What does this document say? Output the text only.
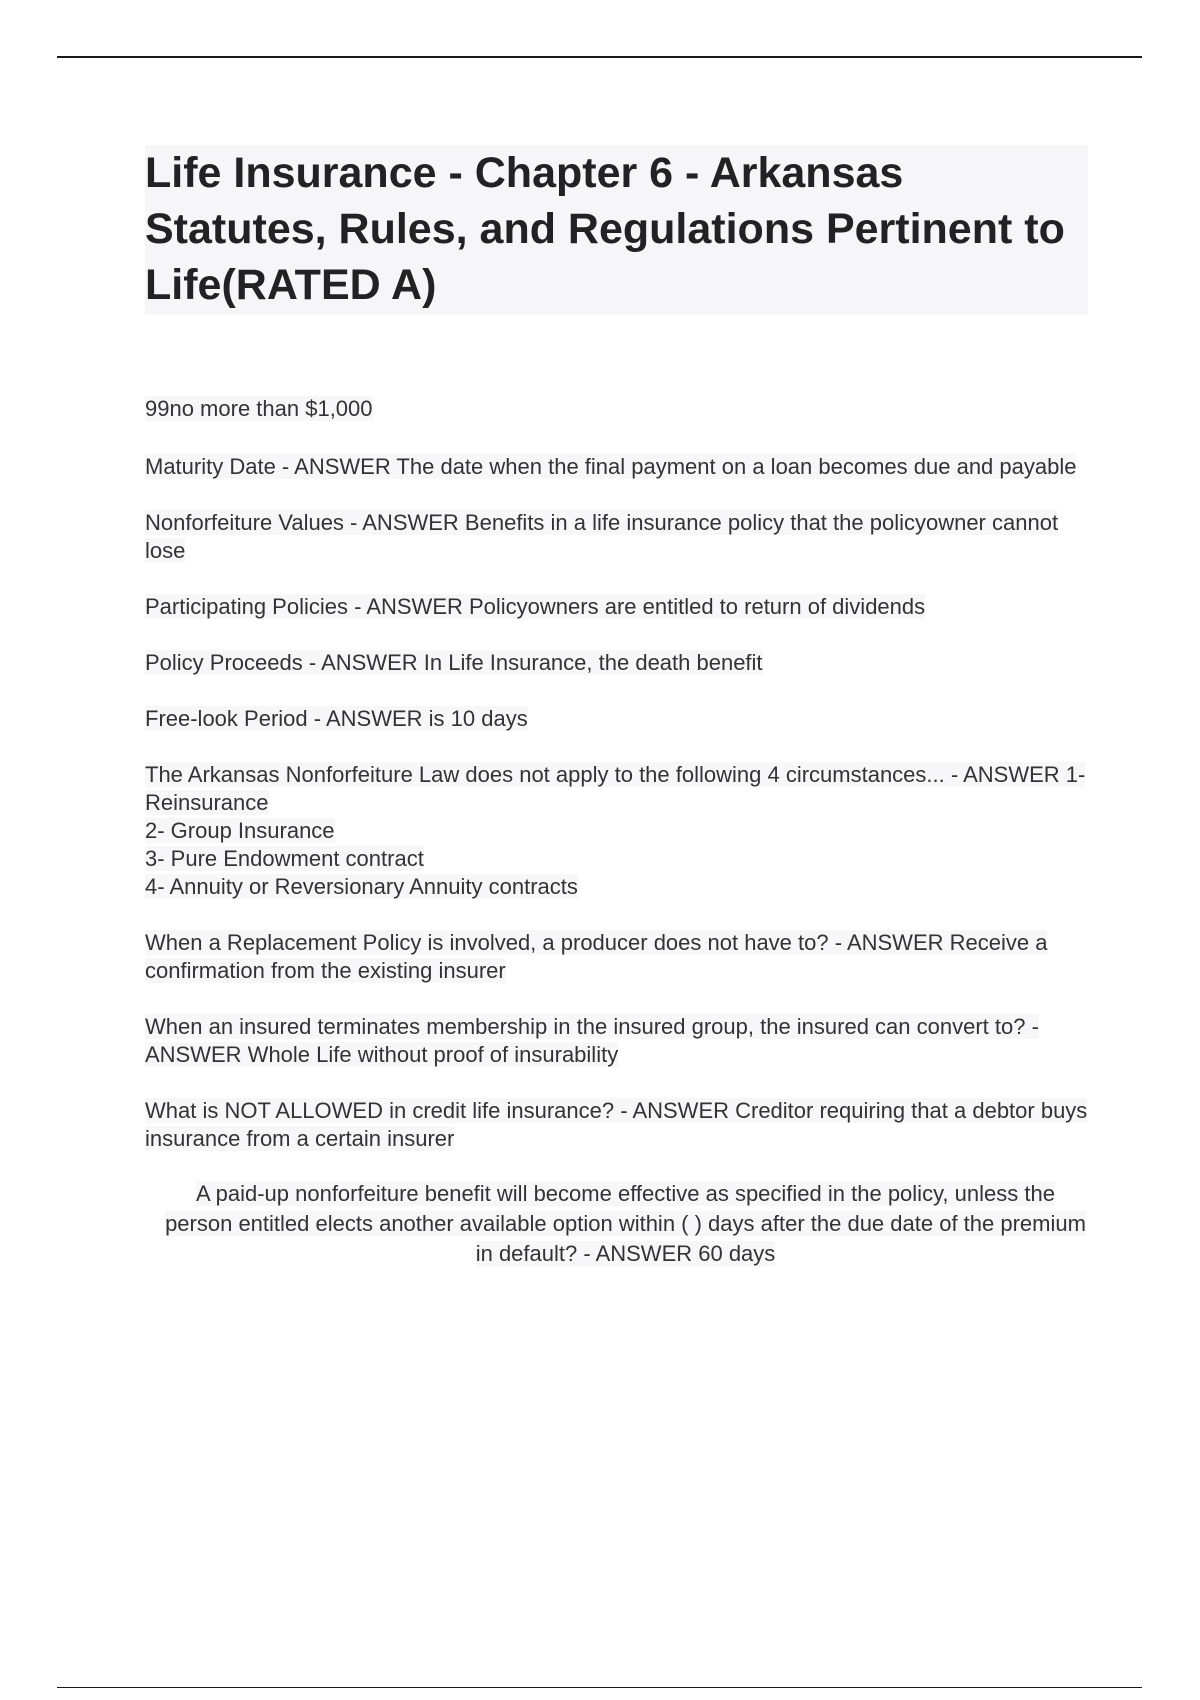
Life Insurance - Chapter 6 - Arkansas Statutes, Rules, and Regulations Pertinent to Life(RATED A)

99no more than $1,000

Maturity Date - ANSWER The date when the final payment on a loan becomes due and payable

Nonforfeiture Values - ANSWER Benefits in a life insurance policy that the policyowner cannot lose

Participating Policies - ANSWER Policyowners are entitled to return of dividends

Policy Proceeds - ANSWER In Life Insurance, the death benefit

Free-look Period - ANSWER is 10 days

The Arkansas Nonforfeiture Law does not apply to the following 4 circumstances... - ANSWER 1- Reinsurance
2- Group Insurance
3- Pure Endowment contract
4- Annuity or Reversionary Annuity contracts

When a Replacement Policy is involved, a producer does not have to? - ANSWER Receive a confirmation from the existing insurer

When an insured terminates membership in the insured group, the insured can convert to? - ANSWER Whole Life without proof of insurability

What is NOT ALLOWED in credit life insurance? - ANSWER Creditor requiring that a debtor buys insurance from a certain insurer

A paid-up nonforfeiture benefit will become effective as specified in the policy, unless the person entitled elects another available option within ( ) days after the due date of the premium in default? - ANSWER 60 days
